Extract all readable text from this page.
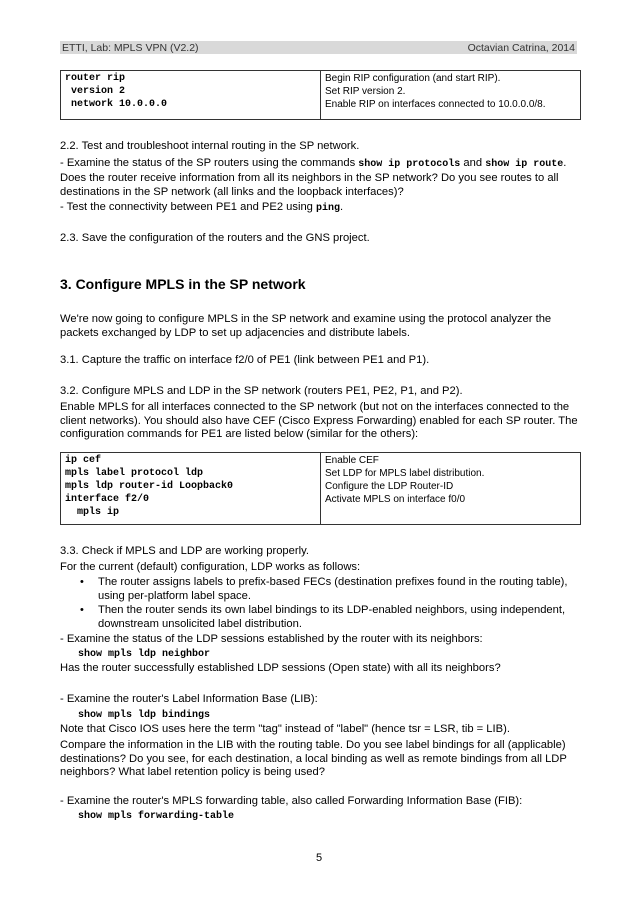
ETTI, Lab: MPLS VPN (V2.2)	Octavian Catrina, 2014
router rip
version 2
network 10.0.0.0

Begin RIP configuration (and start RIP).
Set RIP version 2.
Enable RIP on interfaces connected to 10.0.0.0/8.
2.2. Test and troubleshoot internal routing in the SP network.
- Examine the status of the SP routers using the commands show ip protocols and show ip route.
Does the router receive information from all its neighbors in the SP network? Do you see routes to all destinations in the SP network (all links and the loopback interfaces)?
- Test the connectivity between PE1 and PE2 using ping.
2.3. Save the configuration of the routers and the GNS project.
3. Configure MPLS in the SP network
We're now going to configure MPLS in the SP network and examine using the protocol analyzer the packets exchanged by LDP to set up adjacencies and distribute labels.
3.1. Capture the traffic on interface f2/0 of PE1 (link between PE1 and P1).
3.2. Configure MPLS and LDP in the SP network (routers PE1, PE2, P1, and P2).
Enable MPLS for all interfaces connected to the SP network (but not on the interfaces connected to the client networks). You should also have CEF (Cisco Express Forwarding) enabled for each SP router. The configuration commands for PE1 are listed below (similar for the others):
ip cef
mpls label protocol ldp
mpls ldp router-id Loopback0
interface f2/0
mpls ip

Enable CEF
Set LDP for MPLS label distribution.
Configure the LDP Router-ID
Activate MPLS on interface f0/0
3.3. Check if MPLS and LDP are working properly.
For the current (default) configuration, LDP works as follows:
• The router assigns labels to prefix-based FECs (destination prefixes found in the routing table), using per-platform label space.
• Then the router sends its own label bindings to its LDP-enabled neighbors, using independent, downstream unsolicited label distribution.
- Examine the status of the LDP sessions established by the router with its neighbors:
show mpls ldp neighbor
Has the router successfully established LDP sessions (Open state) with all its neighbors?
- Examine the router's Label Information Base (LIB):
show mpls ldp bindings
Note that Cisco IOS uses here the term "tag" instead of "label" (hence tsr = LSR, tib = LIB).
Compare the information in the LIB with the routing table. Do you see label bindings for all (applicable) destinations? Do you see, for each destination, a local binding as well as remote bindings from all LDP neighbors? What label retention policy is being used?
- Examine the router's MPLS forwarding table, also called Forwarding Information Base (FIB):
show mpls forwarding-table
5
